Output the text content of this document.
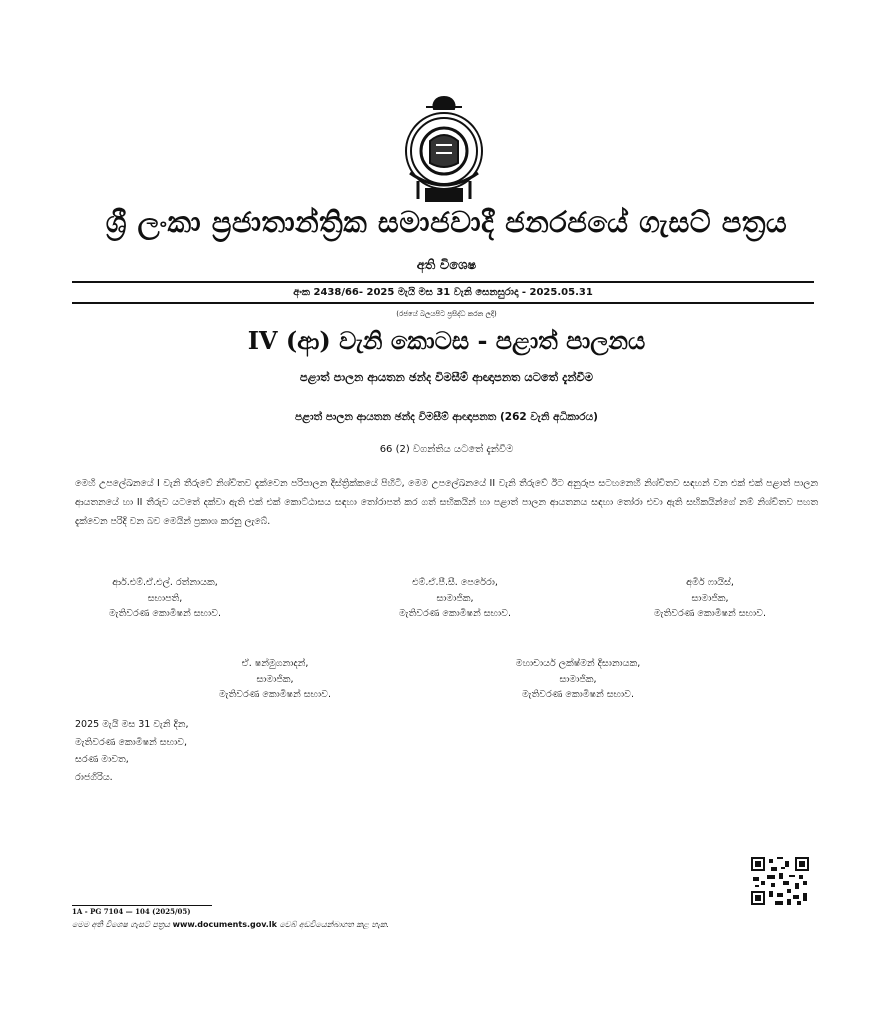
ශ්‍රී ලංකා ප්‍රජාතාන්ත්‍රික සමාජවාදී ජනරජයේ ගැසට් පත්‍රය
අති විශෙෂ
අංක 2438/66- 2025 මැයි මස 31 වැනි සෙනසුරාදා - 2025.05.31
(රජයේ බලයපිට ප්‍රසිද්ධ කරන ලදී)
IV (ආ) වැනි කොටස - පළාත් පාලනය
පළාත් පාලන ආයතන ඡන්ද විමසීම් ආඥාපනත යටතේ දැන්වීම
පළාත් පාලන ආයතන ඡන්ද විමසීම් ආඥාපනත (262 වැනි අධිකාරය)
66 (2) වගන්තිය යටතේ දැන්වීම
මෙහි උපලේඛනයේ I වැනි තීරුවේ නිශ්චිතව දැක්වෙන පරිපාලන දිස්ත්‍රික්කයේ පිහිටි, මෙම උපලේඛනයේ II වැනි තීරුවේ ඊට අනුරූප සටහනෙහි නිශ්චිතව සඳහන් වන එක් එක් පළාත් පාලන ආයතනයේ හා II තීරුව යටතේ දක්වා ඇති එක් එක් කොට්ඨාසය සඳහා තෝරාපත් කර ගත් සභිකයින් හා පළාත් පාලන ආයතනය සඳහා තෝරා එවා ඇති සභිකයින්ගේ නම් නිශ්චිතව පහත දැක්වෙන පරිදි වන බව මෙයින් ප්‍රකාශ කරනු ලැබේ.
ආර්.එම්.ඒ.එල්. රත්නායක,
සභාපති,
මැතිවරණ කොමිෂන් සභාව.
එම්.ඒ.පී.සී. පෙරේරා,
සාමාජික,
මැතිවරණ කොමිෂන් සභාව.
අමීර් ෆායිස්,
සාමාජික,
මැතිවරණ කොමිෂන් සභාව.
ඒ. ෂන්මුගනාදන්,
සාමාජික,
මැතිවරණ කොමිෂන් සභාව.
මහාචාර්ය ලක්ෂ්මන් දිසානායක,
සාමාජික,
මැතිවරණ කොමිෂන් සභාව.
2025 මැයි මස 31 වැනි දින,
මැතිවරණ කොමිෂන් සභාව,
සරණ මාවත,
රාජගිරිය.
1A - PG 7104 — 104 (2025/05)
මෙම අති විශෙෂ ගැසට් පත්‍රය www.documents.gov.lk වෙබ් අඩවියෙන්බාගත කළ හැක.
